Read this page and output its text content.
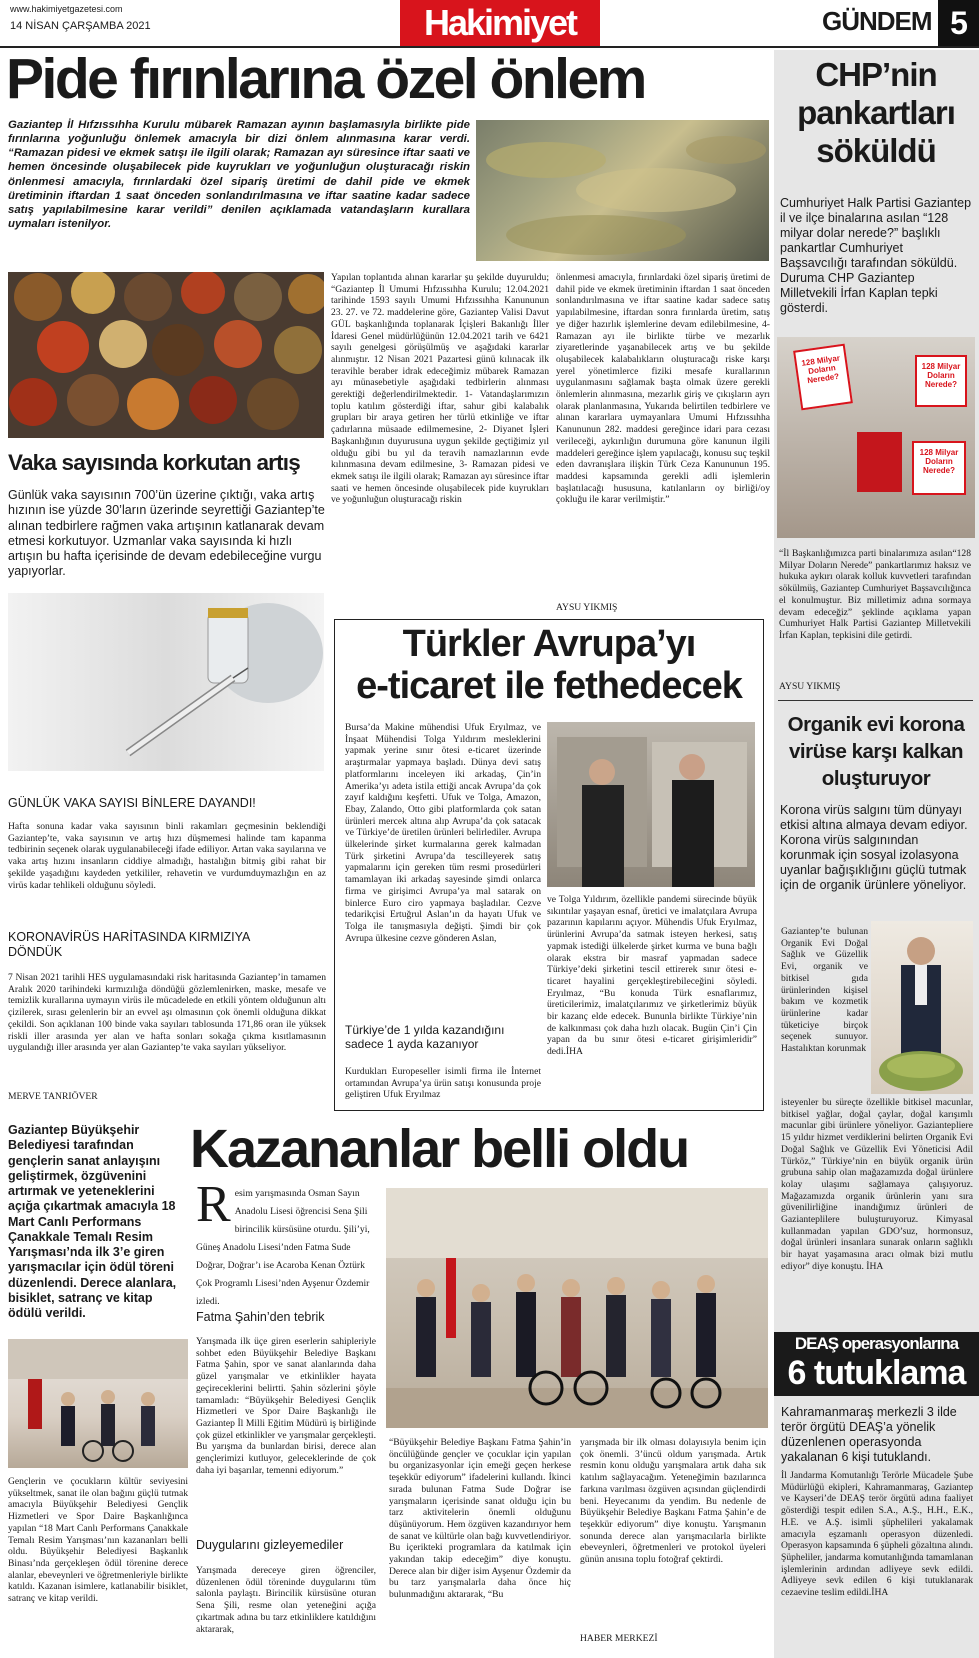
www.hakimiyetgazetesi.com
14 NİSAN ÇARŞAMBA 2021	Hakimiyet	GÜNDEM 5
Pide fırınlarına özel önlem
Gaziantep İl Hıfzıssıhha Kurulu mübarek Ramazan ayının başlamasıyla birlikte pide fırınlarına yoğunluğu önlemek amacıyla bir dizi önlem alınmasına karar verdi. “Ramazan pidesi ve ekmek satışı ile ilgili olarak; Ramazan ayı süresince iftar saati ve hemen öncesinde oluşabilecek pide kuyrukları ve yoğunluğun oluşturacağı riskin önlenmesi amacıyla, fırınlardaki özel sipariş üretimi de dahil pide ve ekmek üretiminin iftardan 1 saat önceden sonlandırılmasına ve iftar saatine kadar sadece satış yapılabilmesine karar verildi” denilen açıklamada vatandaşların kurallara uymaları istenilyor.
Yapılan toplantıda alınan kararlar şu şekilde duyuruldu; “Gaziantep İl Umumi Hıfzıssıhha Kurulu; 12.04.2021 tarihinde 1593 sayılı Umumi Hıfzıssıhha Kanununun 23. 27. ve 72. maddelerine göre, Gaziantep Valisi Davut GÜL başkanlığında toplanarak İçişleri Bakanlığı İller İdaresi Genel müdürlüğünün 12.04.2021 tarih ve 6421 sayılı genelgesi görüşülmüş ve aşağıdaki kararlar alınmıştır. 12 Nisan 2021 Pazartesi günü kılınacak ilk teravihle beraber idrak edeceğimiz mübarek Ramazan ayı münasebetiyle aşağıdaki tedbirlerin alınması gerektiği değerlendirilmektedir. 1- Vatandaşlarımızın toplu katılım gösterdiği iftar, sahur gibi kalabalık grupları bir araya getiren her türlü etkinliğe ve iftar çadırlarına müsaade edilmemesine, 2- Diyanet İşleri Başkanlığının duyurusuna uygun şekilde geçtiğimiz yıl olduğu gibi bu yıl da teravih namazlarının evde kılınmasına devam edilmesine, 3- Ramazan pidesi ve ekmek satışı ile ilgili olarak; Ramazan ayı süresince iftar saati ve hemen öncesinde oluşabilecek pide kuyrukları ve yoğunluğun oluşturacağı riskin
önlenmesi amacıyla, fırınlardaki özel sipariş üretimi de dahil pide ve ekmek üretiminin iftardan 1 saat önceden sonlandırılmasına ve iftar saatine kadar sadece satış yapılabilmesine, iftardan sonra fırınlarda üretim, satış ye diğer hazırlık işlemlerine devam edilebilmesine, 4- Ramazan ayı ile birlikte türbe ve mezarlık ziyaretlerinde yaşanabilecek artış ve bu şekilde oluşabilecek kalabalıkların oluşturacağı riske karşı yerel yönetimlerce fiziki mesafe kurallarının uygulanmasını sağlamak başta olmak üzere gerekli önlemlerin alınmasına, mezarlık giriş ve çıkışların ayrı olarak planlanmasına, Yukarıda belirtilen tedbirlere ve alınan kararlara uymayanlara Umumi Hıfzıssıhha Kanununun 282. maddesi gereğince idari para cezası verileceği, aykırılığın durumuna göre kanunun ilgili maddeleri gereğince işlem yapılacağı, konusu suç teşkil eden davranışlara ilişkin Türk Ceza Kanununun 195. maddesi kapsamında gerekli adli işlemlerin başlatılacağı hususuna, katılanların oy birliği/oy çokluğu ile karar verilmiştir.”
AYSU YIKMIŞ
Vaka sayısında korkutan artış
Günlük vaka sayısının 700’ün üzerine çıktığı, vaka artış hızının ise yüzde 30’ların üzerinde seyrettiği Gaziantep’te alınan tedbirlere rağmen vaka artışının katlanarak devam etmesi korkutuyor. Uzmanlar vaka sayısında ki hızlı artışın bu hafta içerisinde de devam edebileceğine vurgu yapıyorlar.
GÜNLÜK VAKA SAYISI BİNLERE DAYANDI!
Hafta sonuna kadar vaka sayısının binli rakamları geçmesinin beklendiği Gaziantep’te, vaka sayısının ve artış hızı düşmemesi halinde tam kapanma tedbirinin seçenek olarak uygulanabileceği ifade ediliyor. Artan vaka sayılarına ve vaka artış hızını insanların ciddiye almadığı, hastalığın bitmiş gibi rahat bir şekilde yaşadığını kaydeden yetkililer, rehavetin ve vurdumduymazlığın en az virüs kadar tehlikeli olduğunu söyledi.
KORONAVİRÜS HARİTASINDA KIRMIZIYA DÖNDÜK
7 Nisan 2021 tarihli HES uygulamasındaki risk haritasında Gaziantep’in tamamen Aralık 2020 tarihindeki kırmızılığa döndüğü gözlemlenirken, maske, mesafe ve temizlik kurallarına uymayın virüs ile mücadelede en etkili yöntem olduğunun altı çizilerek, sırası gelenlerin bir an evvel aşı olmasının çok önemli olduğuna dikkat çekildi. Son açıklanan 100 binde vaka sayıları tablosunda 171,86 oran ile yüksek riskli iller arasında yer alan ve hafta sonları sokağa çıkma kısıtlamasının uygulandığı iller arasında yer alan Gaziantep’te vaka sayıları yükseliyor.
MERVE TANRIÖVER
Türkler Avrupa’yı
e-ticaret ile fethedecek
Bursa’da Makine mühendisi Ufuk Eryılmaz, ve İnşaat Mühendisi Tolga Yıldırım mesleklerini yapmak yerine sınır ötesi e-ticaret üzerinde araştırmalar yapmaya başladı. Dünya devi satış platformlarını inceleyen iki arkadaş, Çin’in Amerika’yı adeta istila ettiği ancak Avrupa’da çok zayıf kaldığını keşfetti. Ufuk ve Tolga, Amazon, Ebay, Zalando, Otto gibi platformlarda çok satan ürünleri mercek altına alıp Avrupa’da çok satacak ve Türkiye’de üretilen ürünleri belirlediler. Avrupa ülkelerinde şirket kurmalarına gerek kalmadan Türk şirketini Avrupa’da tescilleyerek satış yapmalarını için gereken tüm resmi prosedürleri tamamlayan iki arkadaş sayesinde şimdi onlarca firma ve girişimci Avrupa’ya mal satarak on binlerce Euro ciro yapmaya başladılar. Cezve tedarikçisi Ertuğrul Aslan’ın da hayatı Ufuk ve Tolga ile tanışmasıyla değişti. Şimdi bir çok Avrupa ülkesine cezve gönderen Aslan,
Türkiye’de 1 yılda kazandığını sadece 1 ayda kazanıyor
Kurdukları Europeseller isimli firma ile İnternet ortamından Avrupa’ya ürün satışı konusunda proje geliştiren Ufuk Eryılmaz
ve Tolga Yıldırım, özellikle pandemi sürecinde büyük sıkıntılar yaşayan esnaf, üretici ve imalatçılara Avrupa pazarının kapılarını açıyor. Mühendis Ufuk Eryılmaz, ürünlerini Avrupa’da satmak isteyen herkesi, satış yapmak istediği ülkelerde şirket kurma ve buna bağlı olarak ekstra bir masraf yapmadan sadece Türkiye’deki şirketini tescil ettirerek sınır ötesi e-ticaret hayalini gerçekleştirebileceğini söyledi. Eryılmaz, “Bu konuda Türk esnaflarımız, üreticilerimiz, imalatçılarımız ve şirketlerimiz büyük bir kazanç elde edecek. Bununla birlikte Türkiye’nin de kalkınması çok daha hızlı olacak. Bugün Çin’i Çin yapan da bu sınır ötesi e-ticaret girişimleridir” dedi.İHA
Gaziantep Büyükşehir Belediyesi tarafından gençlerin sanat anlayışını geliştirmek, özgüvenini artırmak ve yeteneklerini açığa çıkartmak amacıyla 18 Mart Canlı Performans Çanakkale Temalı Resim Yarışması’nda ilk 3’e giren yarışmacılar için ödül töreni düzenlendi. Derece alanlara, bisiklet, satranç ve kitap ödülü verildi.
Kazananlar belli oldu
Gençlerin ve çocukların kültür seviyesini yükseltmek, sanat ile olan bağını güçlü tutmak amacıyla Büyükşehir Belediyesi Gençlik Hizmetleri ve Spor Daire Başkanlığınca yapılan “18 Mart Canlı Performans Çanakkale Temalı Resim Yarışması’nın kazananları belli oldu. Büyükşehir Belediyesi Başkanlık Binası’nda gerçekleşen ödül törenine derece alanlar, ebeveynleri ve öğretmenleriyle birlikte katıldı. Kazanan isimlere, katlanabilir bisiklet, satranç ve kitap verildi.
R esim yarışmasında Osman Sayın Anadolu Lisesi öğrencisi Sena Şili birincilik kürsüsüne oturdu. Şili’yi, Güneş Anadolu Lisesi’nden Fatma Sude Doğrar, Doğrar’ı ise Acaroba Kenan Öztürk Çok Programlı Lisesi’nden Ayşenur Özdemir izledi.
Fatma Şahin’den tebrik
Yarışmada ilk üçe giren eserlerin sahipleriyle sohbet eden Büyükşehir Belediye Başkanı Fatma Şahin, spor ve sanat alanlarında daha güzel yarışmalar ve etkinlikler hayata geçireceklerini belirtti. Şahin sözlerini şöyle tamamladı: “Büyükşehir Belediyesi Gençlik Hizmetleri ve Spor Daire Başkanlığı ile Gaziantep İl Milli Eğitim Müdürü iş birliğinde çok güzel etkinlikler ve yarışmalar gerçekleşti. Bu yarışma da bunlardan birisi, derece alan gençlerimizi kutluyor, geleceklerinde de çok daha iyi başarılar, temenni ediyorum.”
Duygularını gizleyemediler
Yarışmada dereceye giren öğrenciler, düzenlenen ödül töreninde duygularını tüm salonla paylaştı. Birincilik kürsüsüne oturan Sena Şili, resme olan yeteneğini açığa çıkartmak adına bu tarz etkinliklere katıldığını aktararak,
“Büyükşehir Belediye Başkanı Fatma Şahin’in öncülüğünde gençler ve çocuklar için yapılan bu organizasyonlar için emeği geçen herkese teşekkür ediyorum” ifadelerini kullandı. İkinci sırada bulunan Fatma Sude Doğrar ise yarışmaların içerisinde sanat olduğu için bu tarz aktivitelerin önemli olduğunu düşünüyorum. Hem özgüven kazandırıyor hem de sanat ve kültürle olan bağı kuvvetlendiriyor. Bu içerikteki programlara da katılmak için yakından takip edeceğim” diye konuştu. Derece alan bir diğer isim Ayşenur Özdemir da bu tarz yarışmalarla daha önce hiç bulunmadığını aktararak, “Bu
yarışmada bir ilk olması dolayısıyla benim için çok önemli. 3’üncü oldum yarışmada. Artık resmin konu olduğu yarışmalara artık daha sık katılım sağlayacağım. Yeteneğimin bazılarınca farkına varılması özgüven açısından güçlendirdi beni. Heyecanımı da yendim. Bu nedenle de Büyükşehir Belediye Başkanı Fatma Şahin’e de teşekkür ediyorum” diye konuştu. Yarışmanın sonunda derece alan yarışmacılarla birlikte ebeveynleri, öğretmenleri ve protokol üyeleri günün anısına toplu fotoğraf çektirdi.
HABER MERKEZİ
CHP’nin pankartları söküldü
Cumhuriyet Halk Partisi Gaziantep il ve ilçe binalarına asılan “128 milyar dolar nerede?” başlıklı pankartlar Cumhuriyet Başsavcılığı tarafından söküldü. Duruma CHP Gaziantep Milletvekili İrfan Kaplan tepki gösterdi.
128 Milyar Doların Nerede?
128 Milyar Doların Nerede?
128 Milyar Doların Nerede?
“İl Başkanlığımızca parti binalarımıza asılan“128 Milyar Doların Nerede” pankartlarımız haksız ve hukuka aykırı olarak kolluk kuvvetleri tarafından sökülmüş, Gaziantep Cumhuriyet Başsavcılığınca el konulmuştur. Biz milletimiz adına sormaya devam edeceğiz” şeklinde açıklama yapan Cumhuriyet Halk Partisi Gaziantep Milletvekili İrfan Kaplan, tepkisini dile getirdi.
AYSU YIKMIŞ
Organik evi korona virüse karşı kalkan oluşturuyor
Korona virüs salgını tüm dünyayı etkisi altına almaya devam ediyor. Korona virüs salgınından korunmak için sosyal izolasyona uyanlar bağışıklığını güçlü tutmak için de organik ürünlere yöneliyor.
Gaziantep’te bulunan Organik Evi Doğal Sağlık ve Güzellik Evi, organik ve bitkisel gıda ürünlerinden kişisel bakım ve kozmetik ürünlerine kadar tüketiciye birçok seçenek sunuyor. Hastalıktan korunmak
isteyenler bu süreçte özellikle bitkisel macunlar, bitkisel yağlar, doğal çaylar, doğal karışımlı macunlar gibi ürünlere yöneliyor. Gaziantepliere 15 yıldır hizmet verdiklerini belirten Organik Evi Doğal Sağlık ve Güzellik Evi Yöneticisi Adil Türköz,” Türkiye’nin en büyük organik ürün grubuna sahip olan mağazamızda doğal ürünlere kolay ulaşımı sağlamaya çalışıyoruz. Mağazamızda organik ürünlerin yanı sıra güvenilirliğine inandığımız ürünleri de Gazianteplilere buluşturuyoruz. Kimyasal kullanmadan yapılan GDO’suz, hormonsuz, doğal ürünleri insanlara sunarak onların sağlıklı bir hayat yaşamasına aracı olmak bizi mutlu ediyor” diye konuştu. İHA
DEAŞ operasyonlarına
6 tutuklama
Kahramanmaraş merkezli 3 ilde terör örgütü DEAŞ’a yönelik düzenlenen operasyonda yakalanan 6 kişi tutuklandı.
İl Jandarma Komutanlığı Terörle Mücadele Şube Müdürlüğü ekipleri, Kahramanmaraş, Gaziantep ve Kayseri’de DEAŞ terör örgütü adına faaliyet gösterdiği tespit edilen S.A., A.Ş., H.H., E.K., H.E. ve A.Ş. isimli şüphelileri yakalamak amacıyla eşzamanlı operasyon düzenledi. Operasyon kapsamında 6 şüpheli gözaltına alındı. Şüpheliler, jandarma komutanlığında tamamlanan işlemlerinin ardından adliyeye sevk edildi. Adliyeye sevk edilen 6 kişi tutuklanarak cezaevine teslim edildi.İHA
